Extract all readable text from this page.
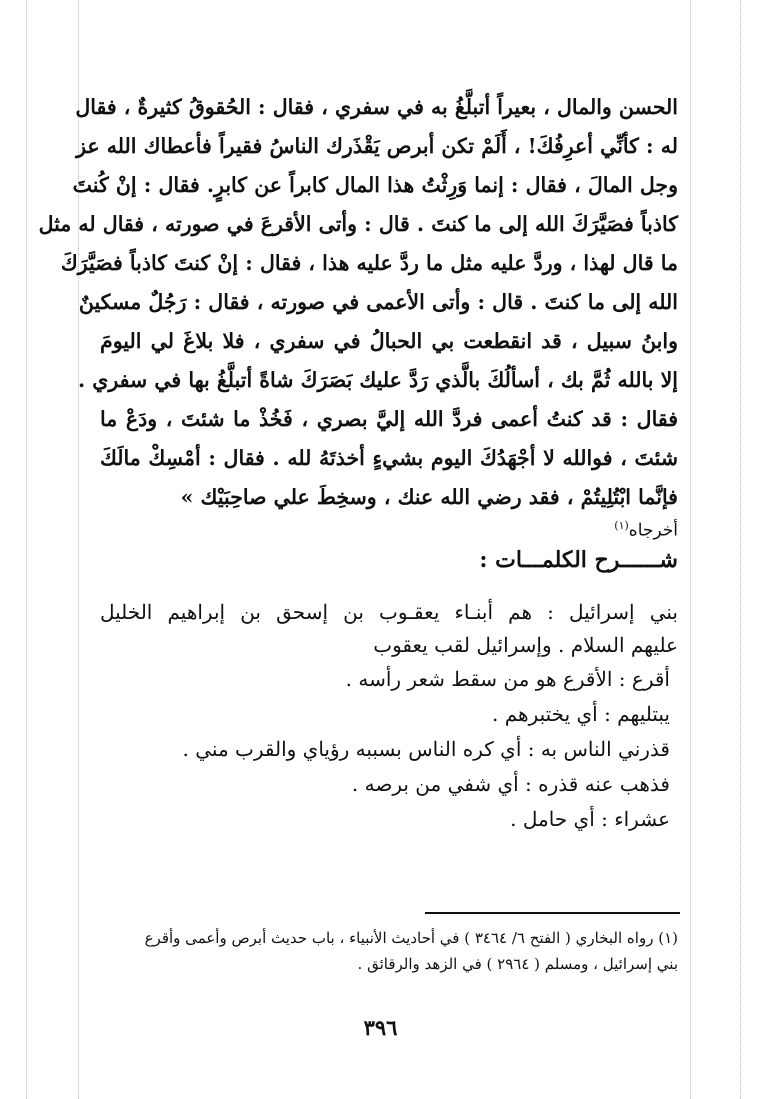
الحسن والمال ، بعيراً أتبلَّغُ به في سفري ، فقال : الحُقوقُ كثيرةٌ ، فقال
له : كأنِّي أعرِفُكَ! ، أَلَمْ تكن أبرص يَقْذَرك الناسُ فقيراً فأعطاك الله عز
وجل المالَ ، فقال : إنما وَرِثْتُ هذا المال كابراً عن كابرٍ. فقال : إنْ كُنتَ
كاذباً فصَيَّرَكَ الله إلى ما كنتَ . قال : وأتى الأقرعَ في صورته ، فقال له مثل
ما قال لهذا ، وردَّ عليه مثل ما ردَّ عليه هذا ، فقال : إنْ كنتَ كاذباً فصَيَّرَكَ
الله إلى ما كنتَ . قال : وأتى الأعمى في صورته ، فقال : رَجُلٌ مسكينٌ
وابنُ سبيل ، قد انقطعت بي الحبالُ في سفري ، فلا بلاغَ لي اليومَ
إلا بالله ثُمَّ بك ، أسألُكَ بالَّذي رَدَّ عليك بَصَرَكَ شاةً أتبلَّغُ بها في سفري .
فقال : قد كنتُ أعمى فردَّ الله إليَّ بصري ، فَخُذْ ما شئتَ ، ودَعْ ما
شئتَ ، فوالله لا أجْهَدُكَ اليوم بشيءٍ أخذتَهُ لله . فقال : أمْسِكْ مالَكَ
فإنَّما ابْتُلِيتُمْ ، فقد رضي الله عنك ، وسخِطَ علي صاحِبَيْك »
أخرجاه$^{(١)}$
شــــــرح الكلمـــات :
بني إسرائيل : هم أبنـاء يعقـوب بن إسحق بن إبراهيم الخليل
عليهم السلام . وإسرائيل لقب يعقوب
أقرع : الأقرع هو من سقط شعر رأسه .
يبتليهم : أي يختبرهم .
قذرني الناس به : أي كره الناس بسببه رؤياي والقرب مني .
فذهب عنه قذره : أي شفي من برصه .
عشراء : أي حامل .
(١) رواه البخاري ( الفتح ٦/ ٣٤٦٤ ) في أحاديث الأنبياء ، باب حديث أبرص وأعمى وأقرع
بني إسرائيل ، ومسلم ( ٢٩٦٤ ) في الزهد والرقائق .
٣٩٦
